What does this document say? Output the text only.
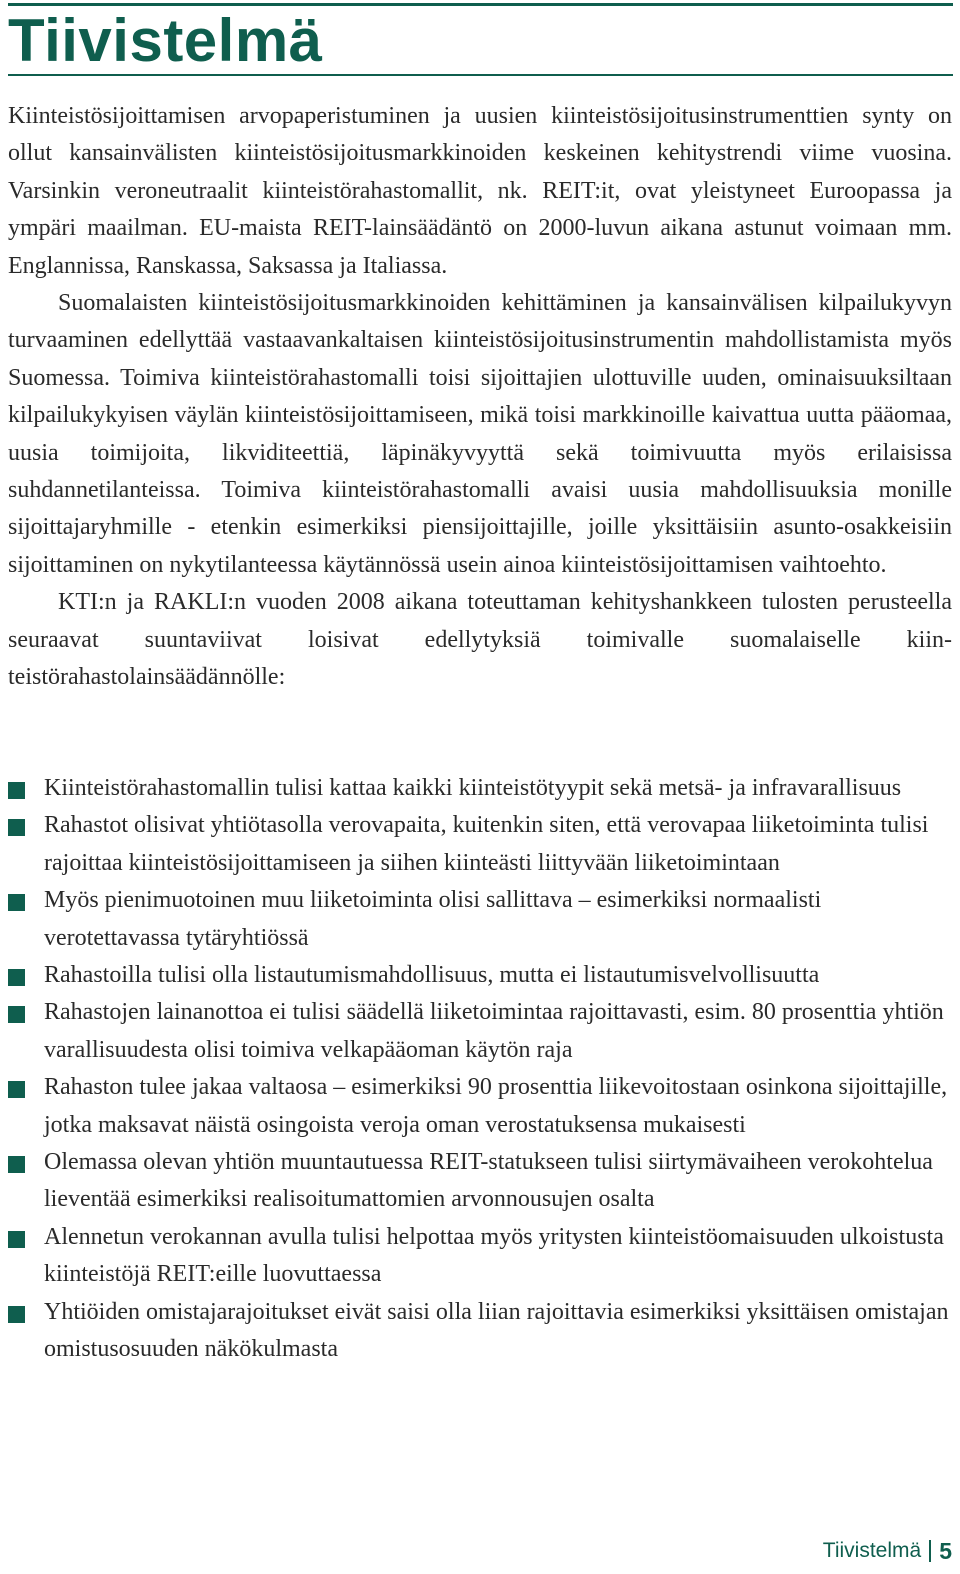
Tiivistelmä

Kiinteistösijoittamisen arvopaperistuminen ja uusien kiinteistösijoitusinstrumenttien synty on ollut kansainvälisten kiinteistösijoitusmarkkinoiden keskeinen kehitystrendi viime vuosina. Varsinkin veroneutraalit kiinteistörahastomallit, nk. REIT:it, ovat yleistyneet Euroopassa ja ympäri maailman. EU-maista REIT-lainsäädäntö on 2000-luvun aikana astunut voimaan mm. Englannissa, Ranskassa, Saksassa ja Italiassa.

Suomalaisten kiinteistösijoitusmarkkinoiden kehittäminen ja kansainvälisen kilpailukyvyn turvaaminen edellyttää vastaavankaltaisen kiinteistösijoitusinstrumentin mahdollistamista myös Suomessa. Toimiva kiinteistörahastomalli toisi sijoittajien ulottuville uuden, ominaisuuksiltaan kilpailukykyisen väylän kiinteistösijoittamiseen, mikä toisi markkinoille kaivattua uutta pääomaa, uusia toimijoita, likviditeettiä, läpinäkyvyyttä sekä toimivuutta myös erilaisissa suhdannetilanteissa. Toimiva kiinteistörahastomalli avaisi uusia mahdollisuuksia monille sijoittajaryhmille - etenkin esimerkiksi piensijoittajille, joille yksittäisiin asunto-osakkeisiin sijoittaminen on nykytilanteessa käytännössä usein ainoa kiinteistösijoittamisen vaihtoehto.

KTI:n ja RAKLI:n vuoden 2008 aikana toteuttaman kehityshankkeen tulosten perusteella seuraavat suuntaviivat loisivat edellytyksiä toimivalle suomalaiselle kiinteistörahastolainsäädännölle:

Kiinteistörahastomallin tulisi kattaa kaikki kiinteistötyypit sekä metsä- ja infravarallisuus
Rahastot olisivat yhtiötasolla verovapaita, kuitenkin siten, että verovapaa liiketoiminta tulisi rajoittaa kiinteistösijoittamiseen ja siihen kiinteästi liittyvään liiketoimintaan
Myös pienimuotoinen muu liiketoiminta olisi sallittava – esimerkiksi normaalisti verotettavassa tytäryhtiössä
Rahastoilla tulisi olla listautumismahdollisuus, mutta ei listautumisvelvollisuutta
Rahastojen lainanottoa ei tulisi säädellä liiketoimintaa rajoittavasti, esim. 80 prosenttia yhtiön varallisuudesta olisi toimiva velkapääoman käytön raja
Rahaston tulee jakaa valtaosa – esimerkiksi 90 prosenttia liikevoitostaan osinkona sijoittajille, jotka maksavat näistä osingoista veroja oman verostatuksensa mukaisesti
Olemassa olevan yhtiön muuntautuessa REIT-statukseen tulisi siirtymävaiheen verokohtelua lieventää esimerkiksi realisoitumattomien arvonnousujen osalta
Alennetun verokannan avulla tulisi helpottaa myös yritysten kiinteistöomaisuuden ulkoistusta kiinteistöjä REIT:eille luovuttaessa
Yhtiöiden omistajarajoitukset eivät saisi olla liian rajoittavia esimerkiksi yksittäisen omistajan omistusosuuden näkökulmasta
Tiivistelmä 5
